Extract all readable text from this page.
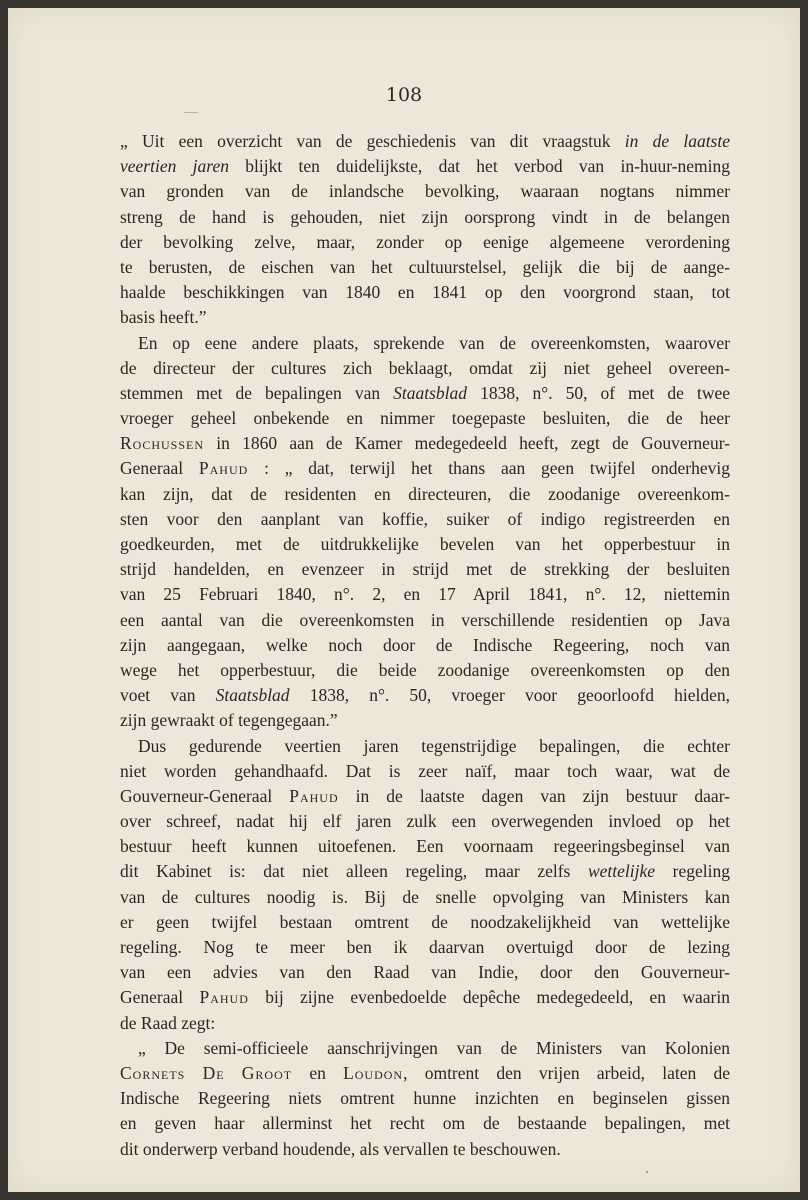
108
„ Uit een overzicht van de geschiedenis van dit vraagstuk in de laatste
veertien jaren blijkt ten duidelijkste, dat het verbod van in-huur-neming
van gronden van de inlandsche bevolking, waaraan nogtans nimmer
streng de hand is gehouden, niet zijn oorsprong vindt in de belangen
der bevolking zelve, maar, zonder op eenige algemeene verordening
te berusten, de eischen van het cultuurstelsel, gelijk die bij de aange-
haalde beschikkingen van 1840 en 1841 op den voorgrond staan, tot
basis heeft.”
En op eene andere plaats, sprekende van de overeenkomsten, waarover
de directeur der cultures zich beklaagt, omdat zij niet geheel overeen-
stemmen met de bepalingen van Staatsblad 1838, n°. 50, of met de twee
vroeger geheel onbekende en nimmer toegepaste besluiten, die de heer
Rochussen in 1860 aan de Kamer medegedeeld heeft, zegt de Gouverneur-
Generaal Pahud : „ dat, terwijl het thans aan geen twijfel onderhevig
kan zijn, dat de residenten en directeuren, die zoodanige overeenkom-
sten voor den aanplant van koffie, suiker of indigo registreerden en
goedkeurden, met de uitdrukkelijke bevelen van het opperbestuur in
strijd handelden, en evenzeer in strijd met de strekking der besluiten
van 25 Februari 1840, n°. 2, en 17 April 1841, n°. 12, niettemin
een aantal van die overeenkomsten in verschillende residentien op Java
zijn aangegaan, welke noch door de Indische Regeering, noch van
wege het opperbestuur, die beide zoodanige overeenkomsten op den
voet van Staatsblad 1838, n°. 50, vroeger voor geoorloofd hielden,
zijn gewraakt of tegengegaan.”
Dus gedurende veertien jaren tegenstrijdige bepalingen, die echter
niet worden gehandhaafd. Dat is zeer naïf, maar toch waar, wat de
Gouverneur-Generaal Pahud in de laatste dagen van zijn bestuur daar-
over schreef, nadat hij elf jaren zulk een overwegenden invloed op het
bestuur heeft kunnen uitoefenen. Een voornaam regeeringsbeginsel van
dit Kabinet is: dat niet alleen regeling, maar zelfs wettelijke regeling
van de cultures noodig is. Bij de snelle opvolging van Ministers kan
er geen twijfel bestaan omtrent de noodzakelijkheid van wettelijke
regeling. Nog te meer ben ik daarvan overtuigd door de lezing
van een advies van den Raad van Indie, door den Gouverneur-
Generaal Pahud bij zijne evenbedoelde depêche medegedeeld, en waarin
de Raad zegt:
„ De semi-officieele aanschrijvingen van de Ministers van Kolonien
Cornets De Groot en Loudon, omtrent den vrijen arbeid, laten de
Indische Regeering niets omtrent hunne inzichten en beginselen gissen
en geven haar allerminst het recht om de bestaande bepalingen, met
dit onderwerp verband houdende, als vervallen te beschouwen.
